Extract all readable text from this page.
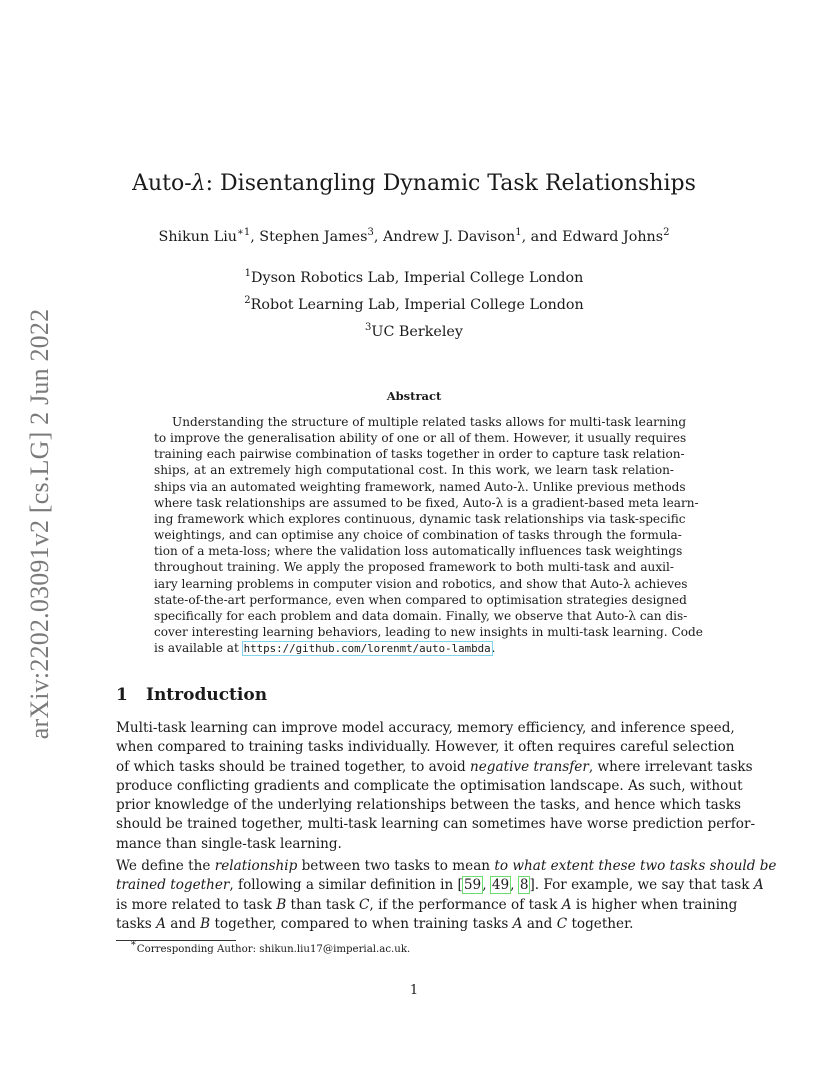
arXiv:2202.03091v2 [cs.LG] 2 Jun 2022
Auto-λ: Disentangling Dynamic Task Relationships
Shikun Liu$^{∗1}$, Stephen James$^3$, Andrew J. Davison$^1$, and Edward Johns$^2$
$^1$Dyson Robotics Lab, Imperial College London
$^2$Robot Learning Lab, Imperial College London
$^3$UC Berkeley
Abstract
Understanding the structure of multiple related tasks allows for multi-task learning
to improve the generalisation ability of one or all of them. However, it usually requires
training each pairwise combination of tasks together in order to capture task relation-
ships, at an extremely high computational cost. In this work, we learn task relation-
ships via an automated weighting framework, named Auto-λ. Unlike previous methods
where task relationships are assumed to be fixed, Auto-λ is a gradient-based meta learn-
ing framework which explores continuous, dynamic task relationships via task-specific
weightings, and can optimise any choice of combination of tasks through the formula-
tion of a meta-loss; where the validation loss automatically influences task weightings
throughout training. We apply the proposed framework to both multi-task and auxil-
iary learning problems in computer vision and robotics, and show that Auto-λ achieves
state-of-the-art performance, even when compared to optimisation strategies designed
specifically for each problem and data domain. Finally, we observe that Auto-λ can dis-
cover interesting learning behaviors, leading to new insights in multi-task learning. Code
is available at https://github.com/lorenmt/auto-lambda.
1 Introduction
Multi-task learning can improve model accuracy, memory efficiency, and inference speed,
when compared to training tasks individually. However, it often requires careful selection
of which tasks should be trained together, to avoid negative transfer, where irrelevant tasks
produce conflicting gradients and complicate the optimisation landscape. As such, without
prior knowledge of the underlying relationships between the tasks, and hence which tasks
should be trained together, multi-task learning can sometimes have worse prediction perfor-
mance than single-task learning.
We define the relationship between two tasks to mean to what extent these two tasks should be
trained together, following a similar definition in [59, 49, 8]. For example, we say that task A
is more related to task B than task C, if the performance of task A is higher when training
tasks A and B together, compared to when training tasks A and C together.
∗Corresponding Author: shikun.liu17@imperial.ac.uk.
1
